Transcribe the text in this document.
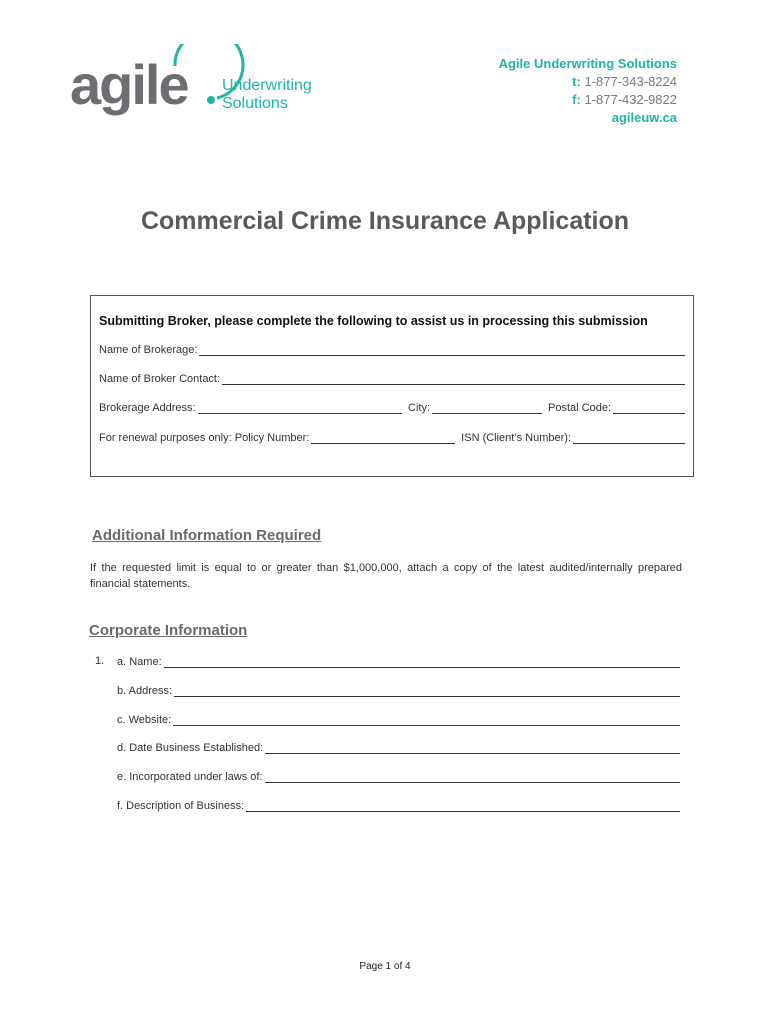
agile Underwriting
Solutions
Agile Underwriting Solutions
t: 1-877-343-8224
f: 1-877-432-9822
agileuw.ca
Commercial Crime Insurance Application
Submitting Broker, please complete the following to assist us in processing this submission
Name of Brokerage:
Name of Broker Contact:
Brokerage Address:	City:	Postal Code:
For renewal purposes only: Policy Number:	ISN (Client’s Number):
Additional Information Required
If the requested limit is equal to or greater than $1,000,000, attach a copy of the latest audited/internally prepared financial statements.
Corporate Information
1. a. Name:
b. Address:
c. Website:
d. Date Business Established:
e. Incorporated under laws of:
f. Description of Business:
Page 1 of 4
